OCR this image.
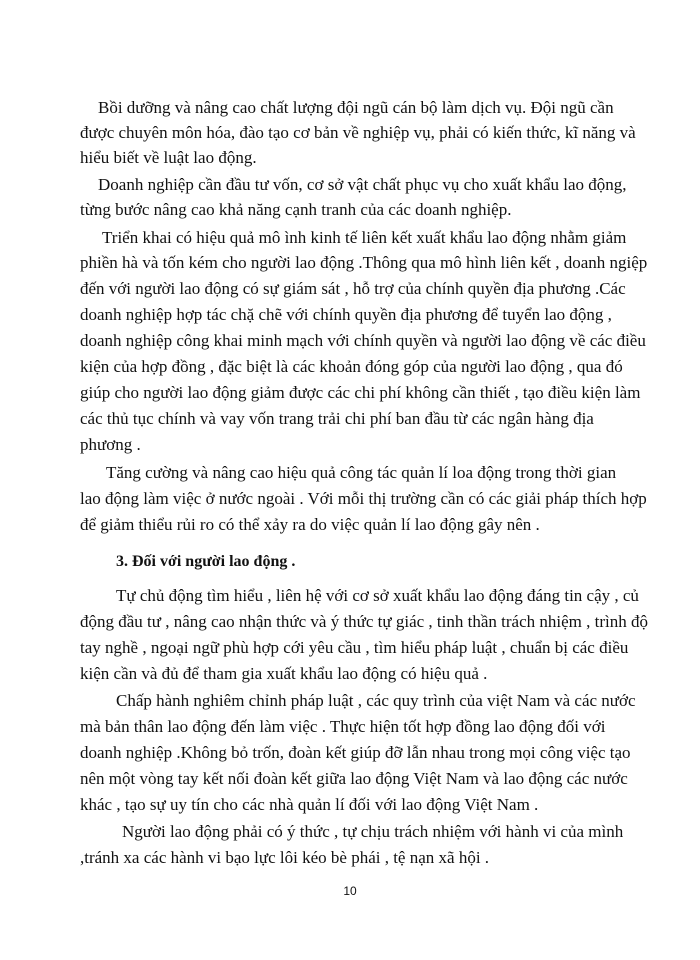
Bồi dưỡng và nâng cao chất lượng đội ngũ cán bộ làm dịch vụ. Đội ngũ cần
được chuyên môn hóa, đào tạo cơ bản về nghiệp vụ, phải có kiến thức, kĩ năng và
hiểu biết về luật lao động.
Doanh nghiệp cần đầu tư vốn, cơ sở vật chất phục vụ cho xuất khẩu lao động,
từng bước nâng cao khả năng cạnh tranh của các doanh nghiệp.
Triển khai có hiệu quả mô ình kinh tế liên kết xuất khẩu lao động nhằm giảm
phiền hà và tốn kém cho người lao động .Thông qua mô hình liên kết , doanh ngiệp
đến với người lao động có sự giám sát , hỗ trợ của chính quyền địa phương .Các
doanh nghiệp hợp tác chặ chẽ với chính quyền địa phương để tuyển lao động ,
doanh nghiệp công khai minh mạch với chính quyền và người lao động về các điều
kiện của hợp đồng , đặc biệt là các khoản đóng góp của người lao động , qua đó
giúp cho người lao động giảm được các chi phí không cần thiết , tạo điều kiện làm
các thủ tục chính và vay vốn trang trải chi phí ban đầu từ các ngân hàng địa
phương .
Tăng cường và nâng cao hiệu quả công tác quản lí loa động trong thời gian
lao động làm việc ở nước ngoài . Với mỗi thị trường cần có các giải pháp thích hợp
để giảm thiểu rủi ro có thể xảy ra do việc quản lí lao động gây nên .
3. Đối với người lao động .
Tự chủ động tìm hiểu , liên hệ với cơ sở xuất khẩu lao động đáng tin cậy , củ
động đầu tư , nâng cao nhận thức và ý thức tự giác , tinh thần trách nhiệm , trình độ
tay nghề , ngoại ngữ phù hợp cới yêu cầu , tìm hiểu pháp luật , chuẩn bị các điều
kiện cần và đủ để tham gia xuất khẩu lao động có hiệu quả .
Chấp hành nghiêm chỉnh pháp luật , các quy trình của việt Nam và các nước
mà bản thân lao động đến làm việc . Thực hiện tốt hợp đồng lao động đối với
doanh nghiệp .Không bỏ trốn, đoàn kết giúp đỡ lẫn nhau trong mọi công việc tạo
nên một vòng tay kết nối đoàn kết giữa lao động Việt Nam và lao động các nước
khác , tạo sự uy tín cho các nhà quản lí đối với lao động Việt Nam .
Người lao động phải có ý thức , tự chịu trách nhiệm với hành vi của mình
,tránh xa các hành vi bạo lực lôi kéo bè phái , tệ nạn xã hội .
10
